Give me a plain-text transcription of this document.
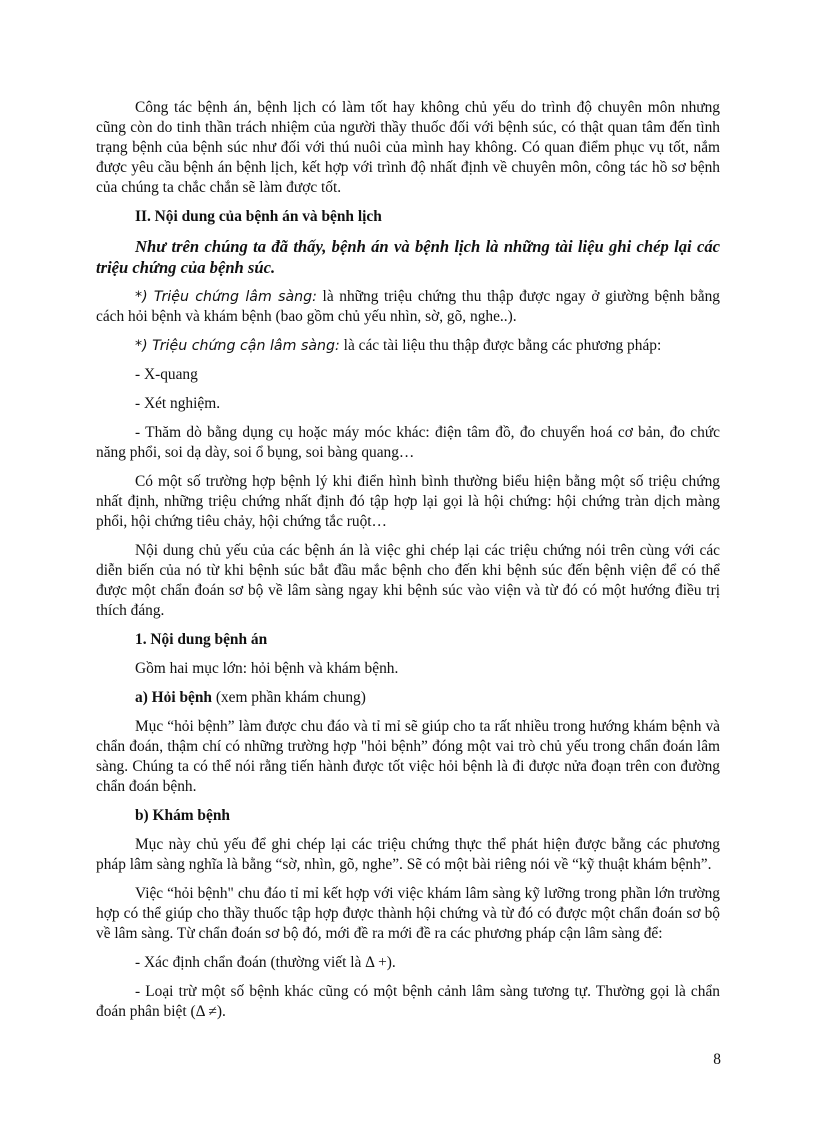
Công tác bệnh án, bệnh lịch có làm tốt hay không chủ yếu do trình độ chuyên môn nhưng cũng còn do tinh thần trách nhiệm của người thầy thuốc đối với bệnh súc, có thật quan tâm đến tình trạng bệnh của bệnh súc như đối với thú nuôi của mình hay không. Có quan điểm phục vụ tốt, nắm được yêu cầu bệnh án bệnh lịch, kết hợp với trình độ nhất định về chuyên môn, công tác hồ sơ bệnh của chúng ta chắc chắn sẽ làm được tốt.

II. Nội dung của bệnh án và bệnh lịch

Như trên chúng ta đã thấy, bệnh án và bệnh lịch là những tài liệu ghi chép lại các triệu chứng của bệnh súc.

*) Triệu chứng lâm sàng: là những triệu chứng thu thập được ngay ở giường bệnh bằng cách hỏi bệnh và khám bệnh (bao gồm chủ yếu nhìn, sờ, gõ, nghe..).

*) Triệu chứng cận lâm sàng: là các tài liệu thu thập được bằng các phương pháp:

- X-quang

- Xét nghiệm.

- Thăm dò bằng dụng cụ hoặc máy móc khác: điện tâm đồ, đo chuyển hoá cơ bản, đo chức năng phổi, soi dạ dày, soi ổ bụng, soi bàng quang…

Có một số trường hợp bệnh lý khi điển hình bình thường biểu hiện bằng một số triệu chứng nhất định, những triệu chứng nhất định đó tập hợp lại gọi là hội chứng: hội chứng tràn dịch màng phổi, hội chứng tiêu chảy, hội chứng tắc ruột…

Nội dung chủ yếu của các bệnh án là việc ghi chép lại các triệu chứng nói trên cùng với các diễn biến của nó từ khi bệnh súc bắt đầu mắc bệnh cho đến khi bệnh súc đến bệnh viện để có thể được một chẩn đoán sơ bộ về lâm sàng ngay khi bệnh súc vào viện và từ đó có một hướng điều trị thích đáng.

1. Nội dung bệnh án

Gồm hai mục lớn: hỏi bệnh và khám bệnh.

a) Hỏi bệnh (xem phần khám chung)

Mục “hỏi bệnh” làm được chu đáo và tỉ mỉ sẽ giúp cho ta rất nhiều trong hướng khám bệnh và chẩn đoán, thậm chí có những trường hợp "hỏi bệnh” đóng một vai trò chủ yếu trong chẩn đoán lâm sàng. Chúng ta có thể nói rằng tiến hành được tốt việc hỏi bệnh là đi được nửa đoạn trên con đường chẩn đoán bệnh.

b) Khám bệnh

Mục này chủ yếu để ghi chép lại các triệu chứng thực thể phát hiện được bằng các phương pháp lâm sàng nghĩa là bằng “sờ, nhìn, gõ, nghe”. Sẽ có một bài riêng nói về “kỹ thuật khám bệnh”.

Việc “hỏi bệnh" chu đáo tỉ mỉ kết hợp với việc khám lâm sàng kỹ lưỡng trong phần lớn trường hợp có thể giúp cho thầy thuốc tập hợp được thành hội chứng và từ đó có được một chẩn đoán sơ bộ về lâm sàng. Từ chẩn đoán sơ bộ đó, mới đề ra mới đề ra các phương pháp cận lâm sàng để:

- Xác định chẩn đoán (thường viết là Δ +).

- Loại trừ một số bệnh khác cũng có một bệnh cảnh lâm sàng tương tự. Thường gọi là chẩn đoán phân biệt (Δ ≠).

8
